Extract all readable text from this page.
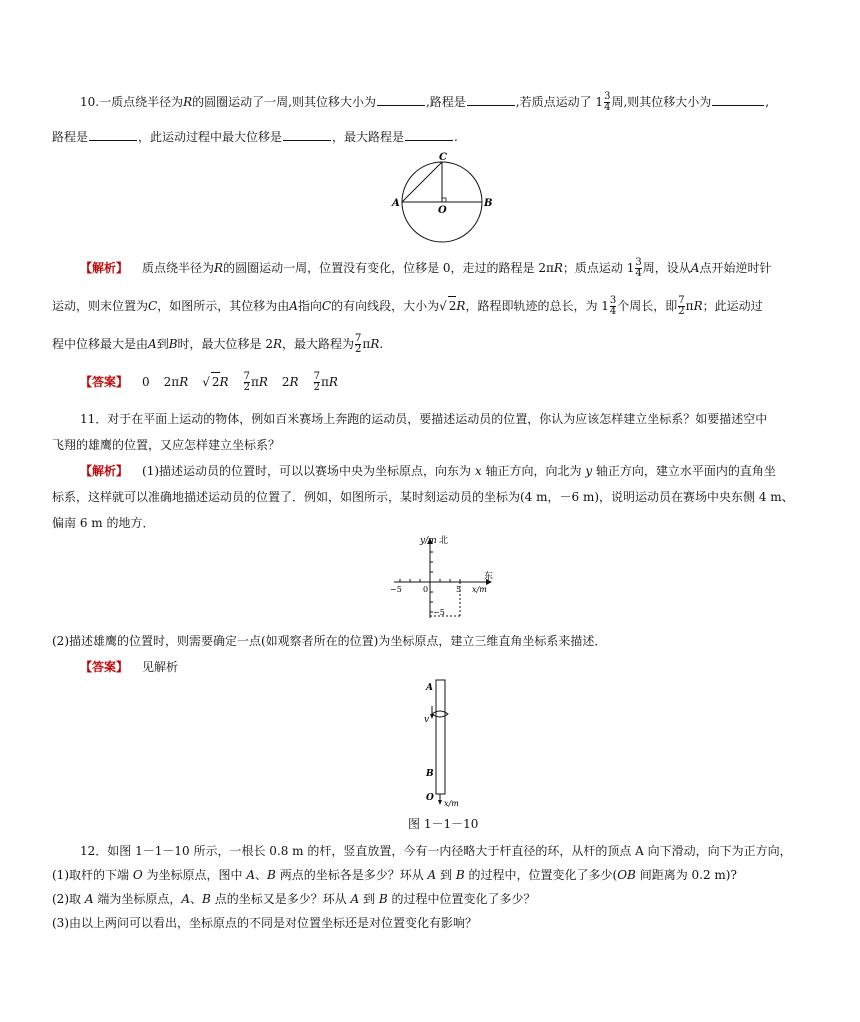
10.一质点绕半径为R的圆圈运动了一周,则其位移大小为	,路程是	,若质点运动了 $1 \frac{3}{4}$ 周,则其位移大小为	,
路程是	，此运动过程中最大位移是	，最大路程是	.
A	B
C
O
【解析】 质点绕半径为R的圆圈运动一周，位置没有变化，位移是 0，走过的路程是 2πR；质点运动 $1 \frac{3}{4}$ 周，设从A点开始逆时针
运动，则末位置为C，如图所示，其位移为由A指向C的有向线段，大小为√ 2R，路程即轨迹的总长，为 $1 \frac{3}{4}$ 个周长，即 $\frac{7}{2}$ πR；此运动过
程中位移最大是由A到B时，最大位移是 2R，最大路程为 $\frac{7}{2} \pi R$.
【答案】 0 2πR √ $2R \frac{7}{2}$ πR $2R \frac{7}{2}$ πR
11．对于在平面上运动的物体，例如百米赛场上奔跑的运动员，要描述运动员的位置，你认为应该怎样建立坐标系？如要描述空中
飞翔的雄鹰的位置，又应怎样建立坐标系？
【解析】 (1)描述运动员的位置时，可以以赛场中央为坐标原点，向东为 x 轴正方向，向北为 y 轴正方向，建立水平面内的直角坐
标系，这样就可以准确地描述运动员的位置了．例如，如图所示，某时刻运动员的坐标为(4 m，－6 m)，说明运动员在赛场中央东侧 4 m、
偏南 6 m 的地方．
y/m 北
东
x/m
−5	0	5
−5
(2)描述雄鹰的位置时，则需要确定一点(如观察者所在的位置)为坐标原点，建立三维直角坐标系来描述．
【答案】 见解析
A
v
B
O
x/m
图 1－1－10
12．如图 1－1－10 所示，一根长 0.8 m 的杆，竖直放置，今有一内径略大于杆直径的环，从杆的顶点 A 向下滑动，向下为正方向，
(1)取杆的下端 O 为坐标原点，图中 A、B 两点的坐标各是多少？环从 A 到 B 的过程中，位置变化了多少(OB 间距离为 0.2 m)?
(2)取 A 端为坐标原点，A、B 点的坐标又是多少？环从 A 到 B 的过程中位置变化了多少？
(3)由以上两问可以看出，坐标原点的不同是对位置坐标还是对位置变化有影响？
